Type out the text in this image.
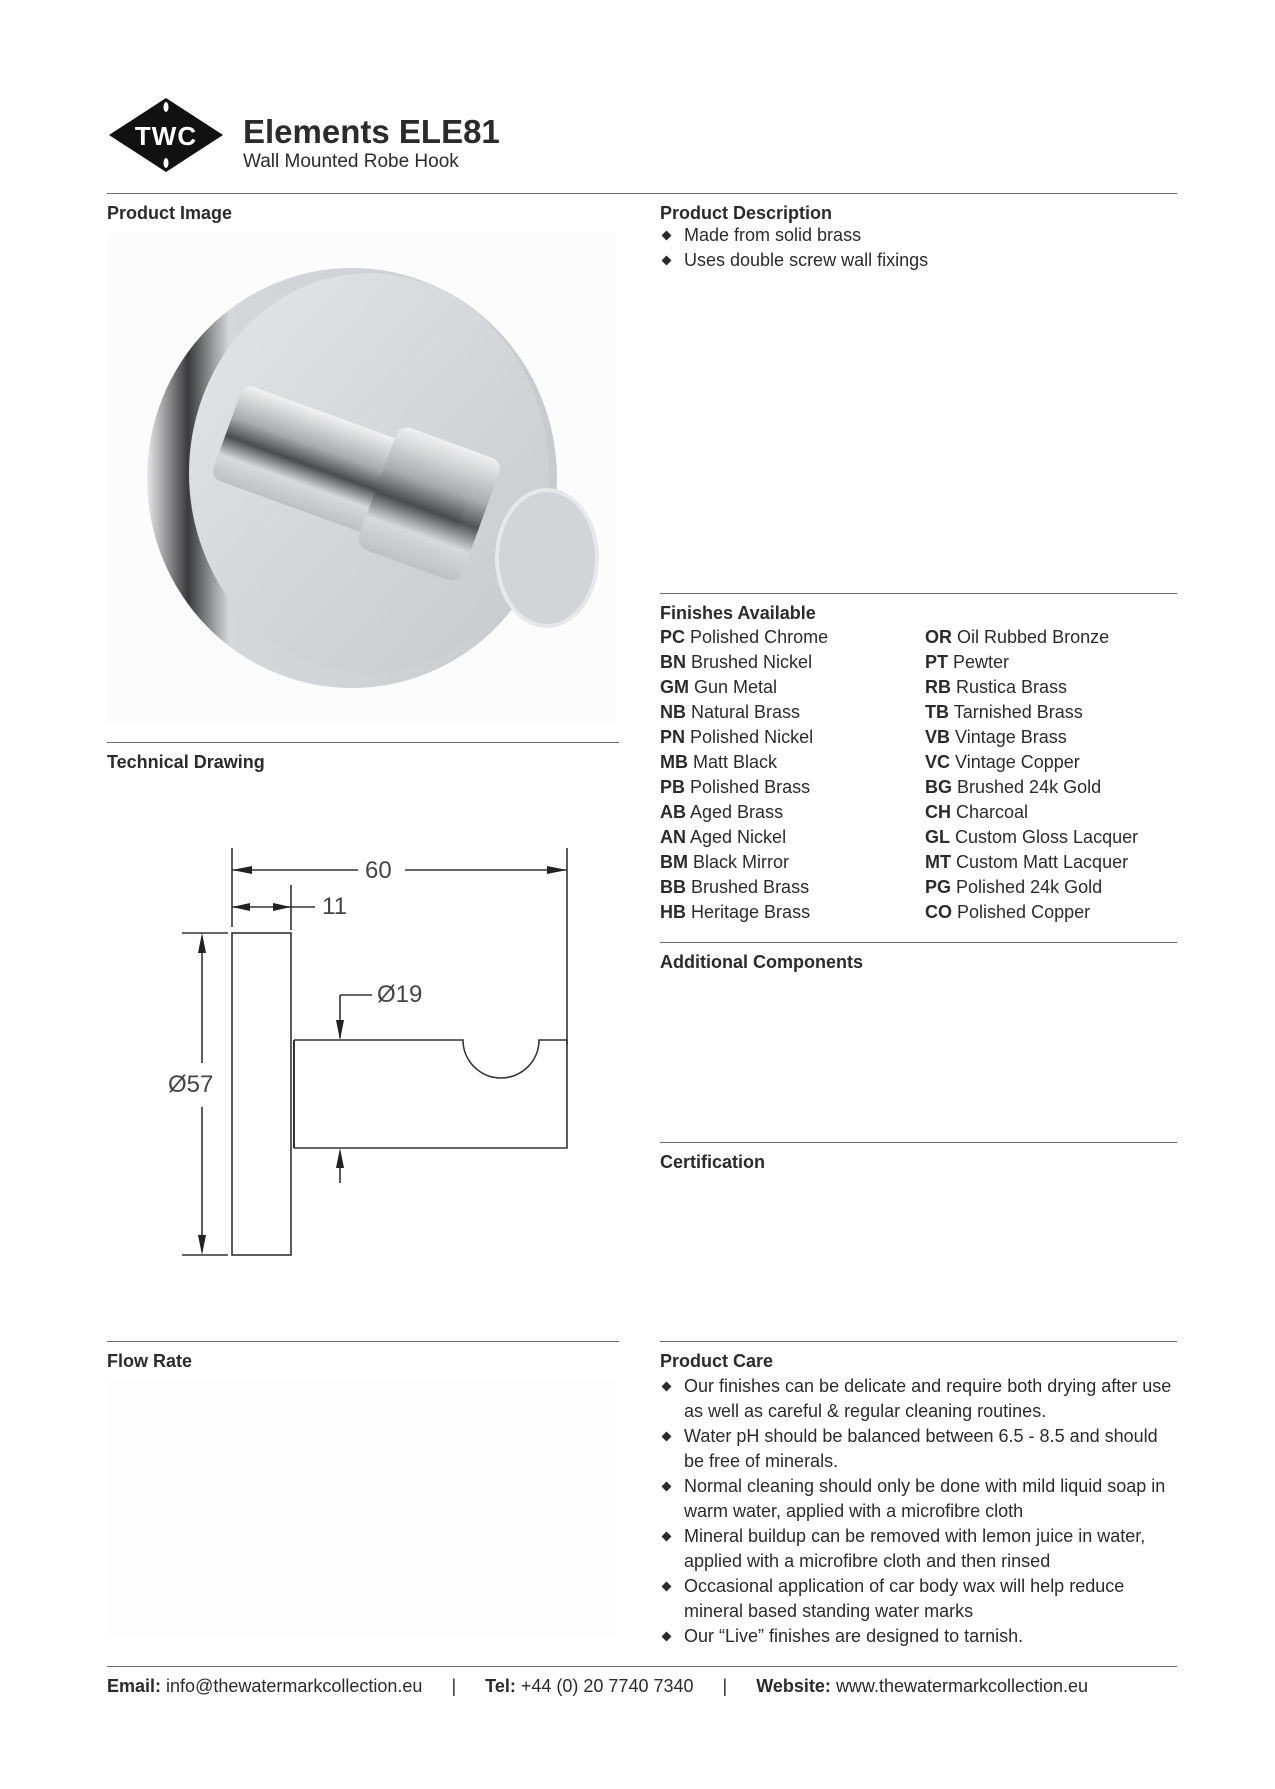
TWC	Elements ELE81
Wall Mounted Robe Hook
Product Image
Technical Drawing
60
11
Ø19
Ø57
Flow Rate
Product Description
Made from solid brass
Uses double screw wall fixings
Finishes Available
PC Polished Chrome
BN Brushed Nickel
GM Gun Metal
NB Natural Brass
PN Polished Nickel
MB Matt Black
PB Polished Brass
AB Aged Brass
AN Aged Nickel
BM Black Mirror
BB Brushed Brass
HB Heritage Brass
OR Oil Rubbed Bronze
PT Pewter
RB Rustica Brass
TB Tarnished Brass
VB Vintage Brass
VC Vintage Copper
BG Brushed 24k Gold
CH Charcoal
GL Custom Gloss Lacquer
MT Custom Matt Lacquer
PG Polished 24k Gold
CO Polished Copper
Additional Components
Certification
Product Care
Our finishes can be delicate and require both drying after use as well as careful & regular cleaning routines.
Water pH should be balanced between 6.5 - 8.5 and should be free of minerals.
Normal cleaning should only be done with mild liquid soap in warm water, applied with a microfibre cloth
Mineral buildup can be removed with lemon juice in water, applied with a microfibre cloth and then rinsed
Occasional application of car body wax will help reduce mineral based standing water marks
Our “Live” finishes are designed to tarnish.
Email: info@thewatermarkcollection.eu | Tel: +44 (0) 20 7740 7340 | Website: www.thewatermarkcollection.eu
